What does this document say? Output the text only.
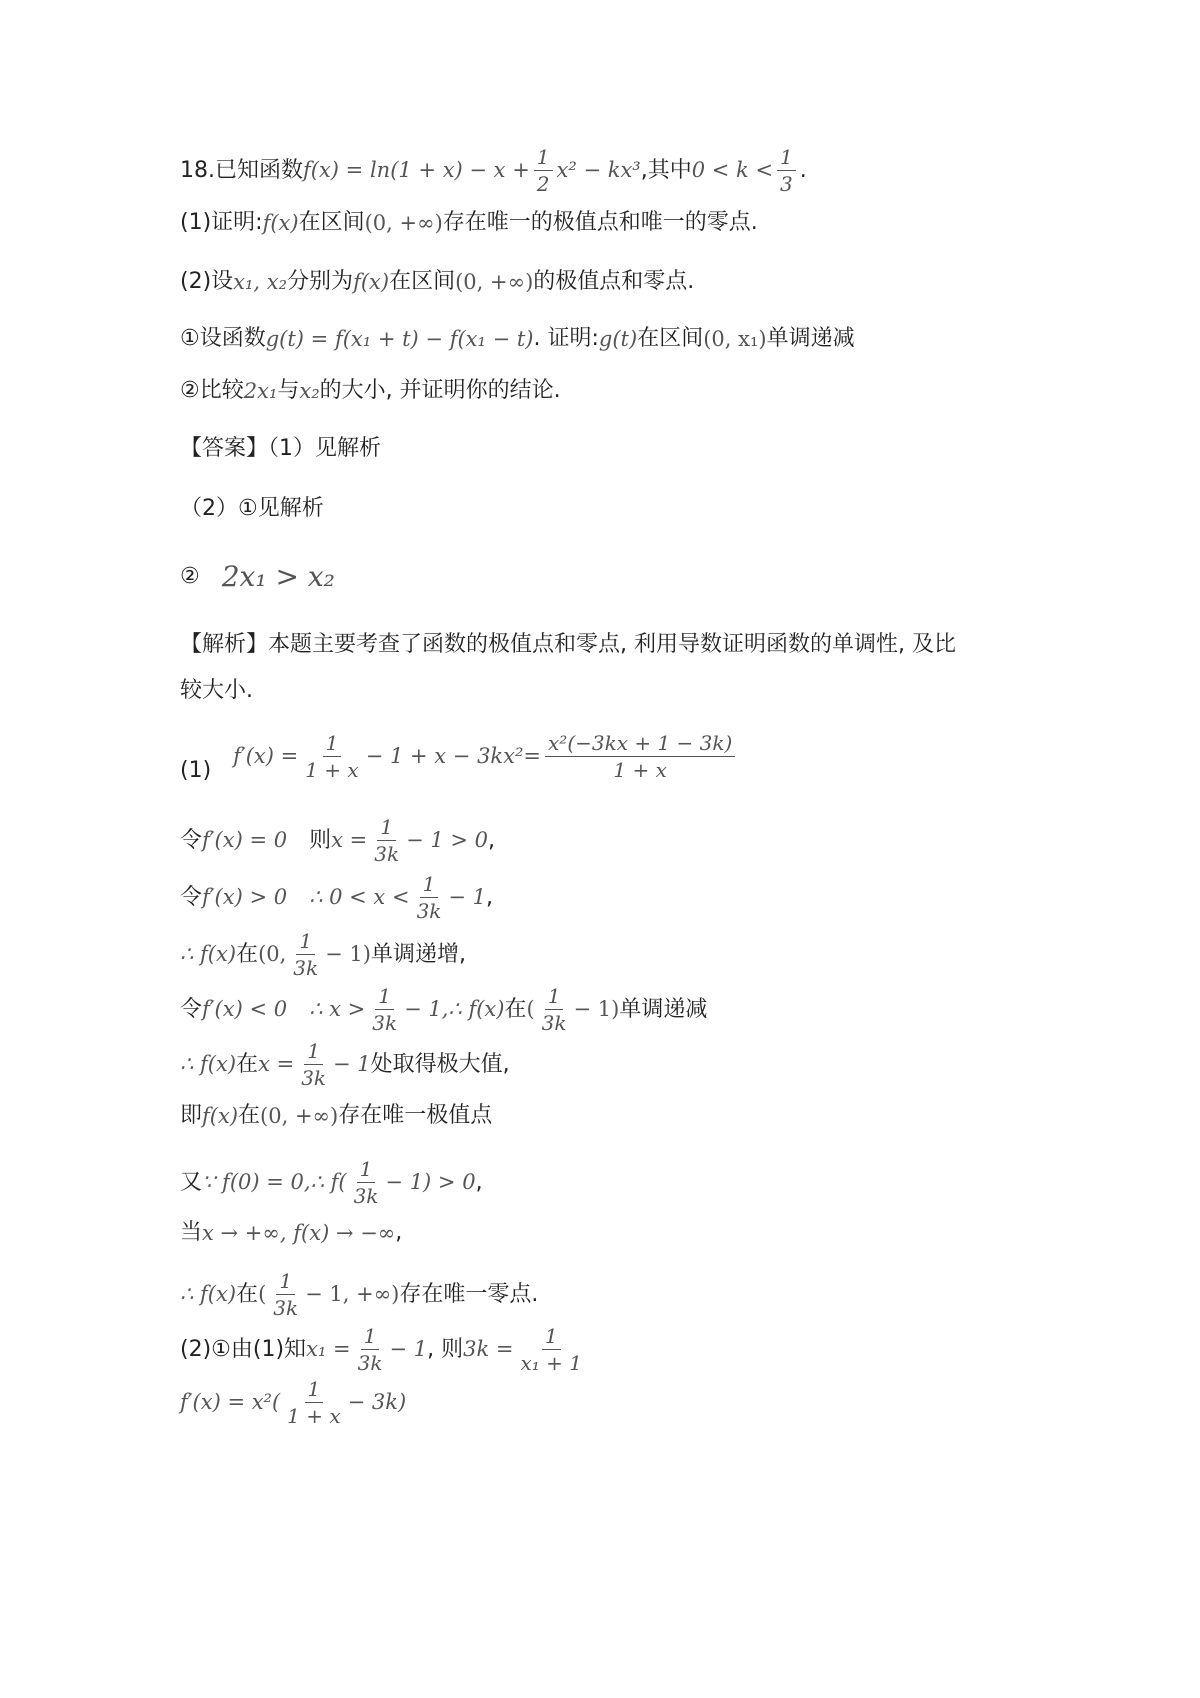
18.已知函数 $f(x) = \ln(1 + x) - x + \frac{1}{2} x^2 - kx^3$ ,其中 $0 < k < \frac{1}{3}$ .
(1)证明: f(x) 在区间 (0, +∞) 存在唯一的极值点和唯一的零点.
(2)设 x₁, x₂ 分别为 f(x) 在区间 (0, +∞) 的极值点和零点.
①设函数 g(t) = f(x₁ + t) − f(x₁ − t) . 证明: g(t) 在区间 (0, x₁) 单调递减
②比较 2x₁ 与 x₂ 的大小, 并证明你的结论.
【答案】（1）见解析
（2）①见解析
② 2x₁ > x₂
【解析】本题主要考查了函数的极值点和零点, 利用导数证明函数的单调性, 及比
较大小.
(1)
$f'(x) = \frac{1}{1 + x} - 1 + x - 3kx^2= \frac{\text{x²(−3kx + 1 − 3k)}}{1 + x}$
令 f′(x) = 0 则 $x = \frac{1}{3k} - 1 > 0$ ,
令 f′(x) > 0 ∴ $0 < x < \frac{1}{3k} - 1$ ,
∴ f(x) 在 (0, $\frac{1}{3k} - 1$) 单调递增,
令 f′(x) < 0 ∴ $x > \frac{1}{3k} - 1$ ,∴ f(x) 在 ( $\frac{1}{3k} - 1$) 单调递减
∴ f(x) 在 $x = \frac{1}{3k} - 1$ 处取得极大值,
即 f(x) 在 (0, +∞) 存在唯一极值点
又 ∵ f(0) = 0 ,∴ $f( \frac{1}{3k} - 1) > 0$ ,
当 x → +∞ , f(x) → −∞ ,
∴ f(x) 在 ( $\frac{1}{3k} - 1$, +∞) 存在唯一零点.
(2)①由(1)知 $x_1 = \frac{1}{3k} - 1$ , 则 $3k = \frac{1}{\text{x₁ + 1}}$
$f'(x) = x^2( \frac{1}{1 + x} - 3k)$
